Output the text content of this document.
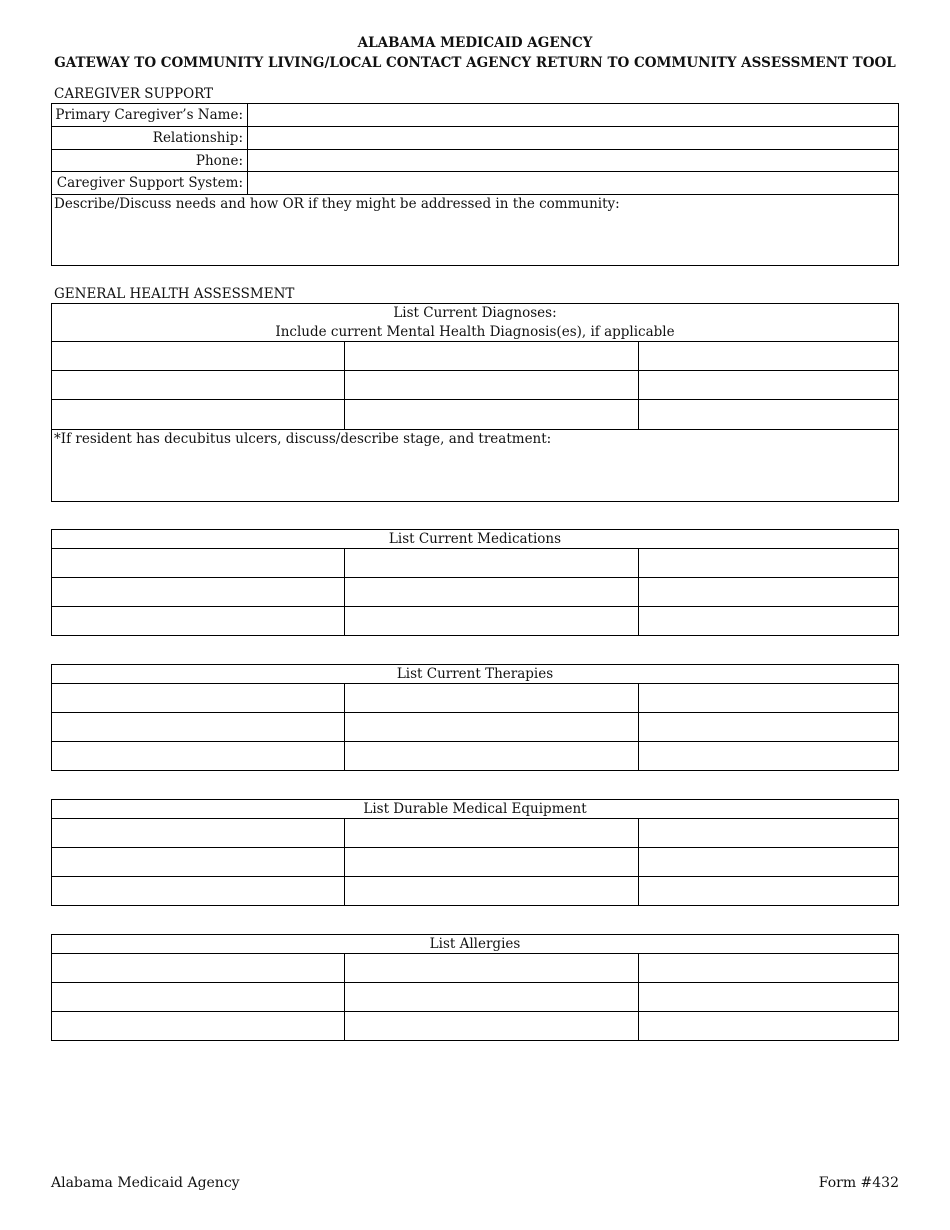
ALABAMA MEDICAID AGENCY
GATEWAY TO COMMUNITY LIVING/LOCAL CONTACT AGENCY RETURN TO COMMUNITY ASSESSMENT TOOL
CAREGIVER SUPPORT
Primary Caregiver’s Name:
Relationship:
Phone:
Caregiver Support System:
Describe/Discuss needs and how OR if they might be addressed in the community:
GENERAL HEALTH ASSESSMENT
List Current Diagnoses:
Include current Mental Health Diagnosis(es), if applicable
*If resident has decubitus ulcers, discuss/describe stage, and treatment:
List Current Medications
List Current Therapies
List Durable Medical Equipment
List Allergies
Alabama Medicaid Agency	Form #432
